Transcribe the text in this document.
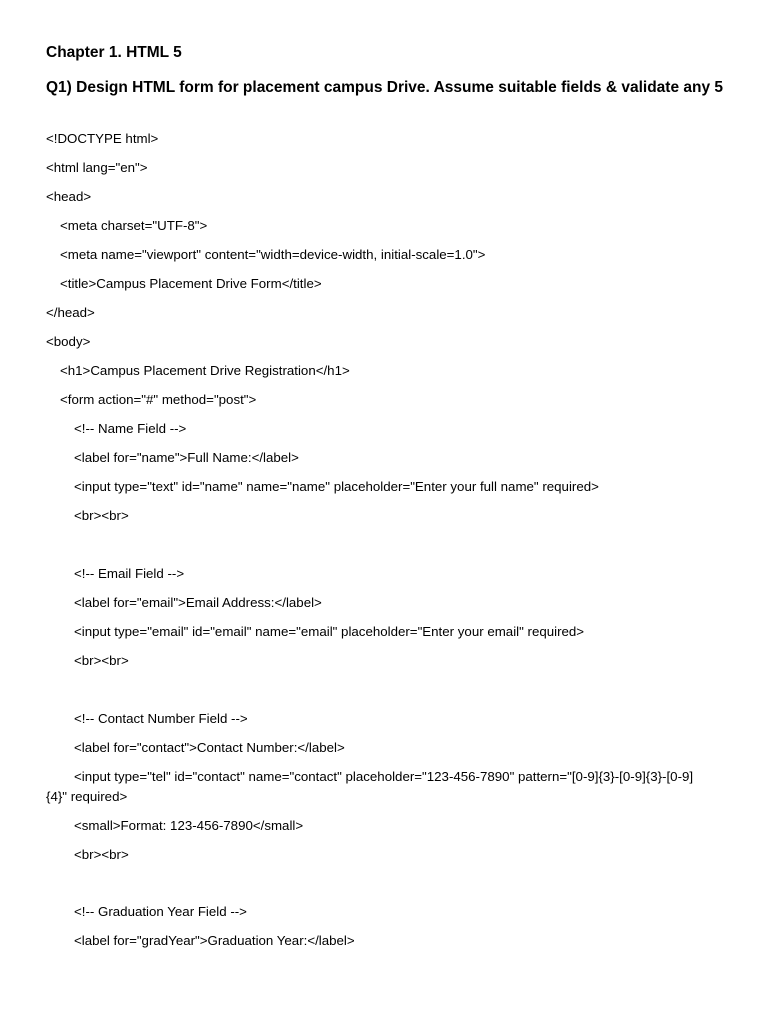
Chapter 1. HTML 5
Q1) Design HTML form for placement campus Drive. Assume suitable fields & validate any 5
<!DOCTYPE html>
<html lang="en">
<head>
<meta charset="UTF-8">
<meta name="viewport" content="width=device-width, initial-scale=1.0">
<title>Campus Placement Drive Form</title>
</head>
<body>
<h1>Campus Placement Drive Registration</h1>
<form action="#" method="post">
<!-- Name Field -->
<label for="name">Full Name:</label>
<input type="text" id="name" name="name" placeholder="Enter your full name" required>
<br><br>
<!-- Email Field -->
<label for="email">Email Address:</label>
<input type="email" id="email" name="email" placeholder="Enter your email" required>
<br><br>
<!-- Contact Number Field -->
<label for="contact">Contact Number:</label>
<input type="tel" id="contact" name="contact" placeholder="123-456-7890" pattern="[0-9]{3}-[0-9]{3}-[0-9]{4}" required>
<small>Format: 123-456-7890</small>
<br><br>
<!-- Graduation Year Field -->
<label for="gradYear">Graduation Year:</label>
